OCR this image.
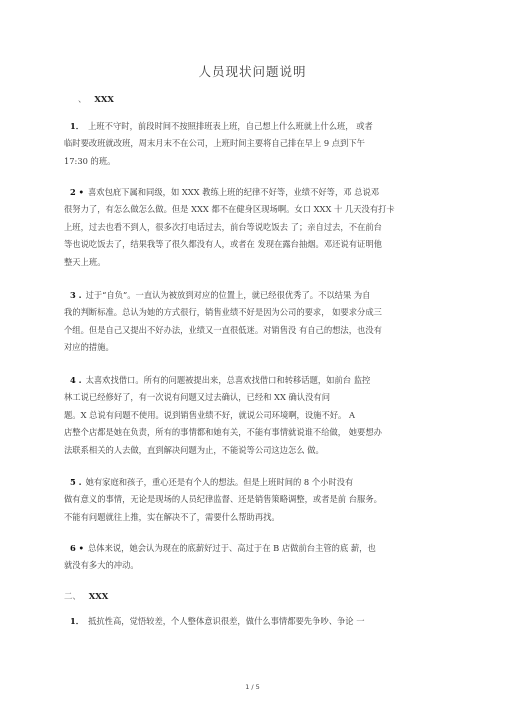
人员现状问题说明
、 XXX

1． 上班不守时，前段时间不按照排班表上班，自己想上什么班就上什么班， 或者

临时要改班就改班，周末月末不在公司，上班时间主要将自己排在早上 9 点到下午

17:30 的班。

2 • 喜欢包庇下属和同级，如 XXX 教练上班的纪律不好等，业绩不好等，邓 总说邓

很努力了，有怎么做怎么做。但是 XXX 都不在健身区现场啊。女口 XXX 十 几天没有打卡

上班，过去也看不到人，很多次打电话过去，前台等说吃饭去 了；亲自过去，不在前台

等也说吃饭去了，结果我等了很久都没有人，或者在 发现在露台抽烟。邓还说有证明他

整天上班。

3 . 过于“自负”。一直认为被放到对应的位置上，就已经很优秀了。不以结果 为自

我的判断标准。总认为她的方式很行，销售业绩不好是因为公司的要求， 如要求分成三

个组。但是自己又提出不好办法，业绩又一直很低迷。对销售没 有自己的想法，也没有

对应的措施。

4 . 太喜欢找借口。所有的问题被提出来，总喜欢找借口和转移话题，如前台 监控

林工说已经修好了，有一次说有问题又过去确认，已经和 XX 确认没有问

题。X 总说有问题不使用。说到销售业绩不好，就说公司环境啊，设施不好。 A

店整个店都是她在负责，所有的事情都和她有关，不能有事情就说谁不给做， 她要想办

法联系相关的人去做，直到解决问题为止，不能说等公司这边怎么 做。

5 . 她有家庭和孩子，重心还是有个人的想法。但是上班时间的 8 个小时没有

做有意义的事情，无论是现场的人员纪律监督、还是销售策略调整，或者是前 台服务。

不能有问题就往上推，实在解决不了，需要什么帮助再找。

6 • 总体来说，她会认为现在的底薪好过于、高过于在 B 店做前台主管的底 薪，也

就没有多大的冲动。

二、 XXX

1． 抵抗性高，觉悟较差，个人整体意识很差，做什么事情都要先争吵、争论 一

1 / 5
